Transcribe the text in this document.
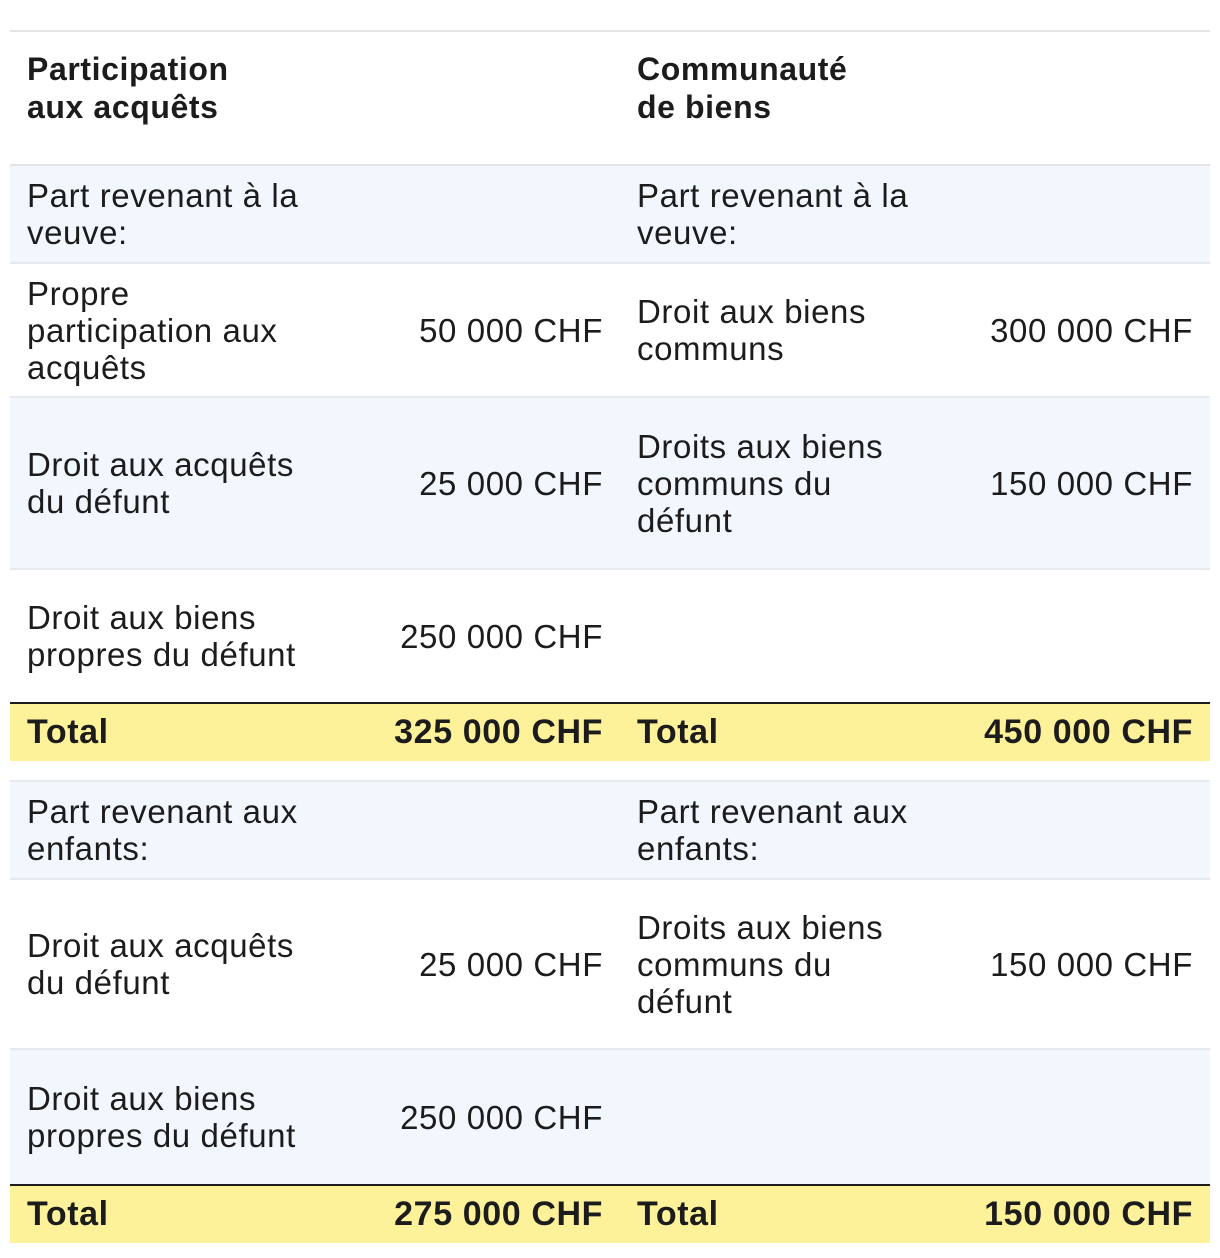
Participation aux acquêts		Communauté de biens	
Part revenant à la veuve:		Part revenant à la veuve:	
Propre participation aux acquêts	50 000 CHF	Droit aux biens communs	300 000 CHF
Droit aux acquêts du défunt	25 000 CHF	Droits aux biens communs du défunt	150 000 CHF
Droit aux biens propres du défunt	250 000 CHF		
Total	325 000 CHF	Total	450 000 CHF

Part revenant aux enfants:		Part revenant aux enfants:	
Droit aux acquêts du défunt	25 000 CHF	Droits aux biens communs du défunt	150 000 CHF
Droit aux biens propres du défunt	250 000 CHF		
Total	275 000 CHF	Total	150 000 CHF
